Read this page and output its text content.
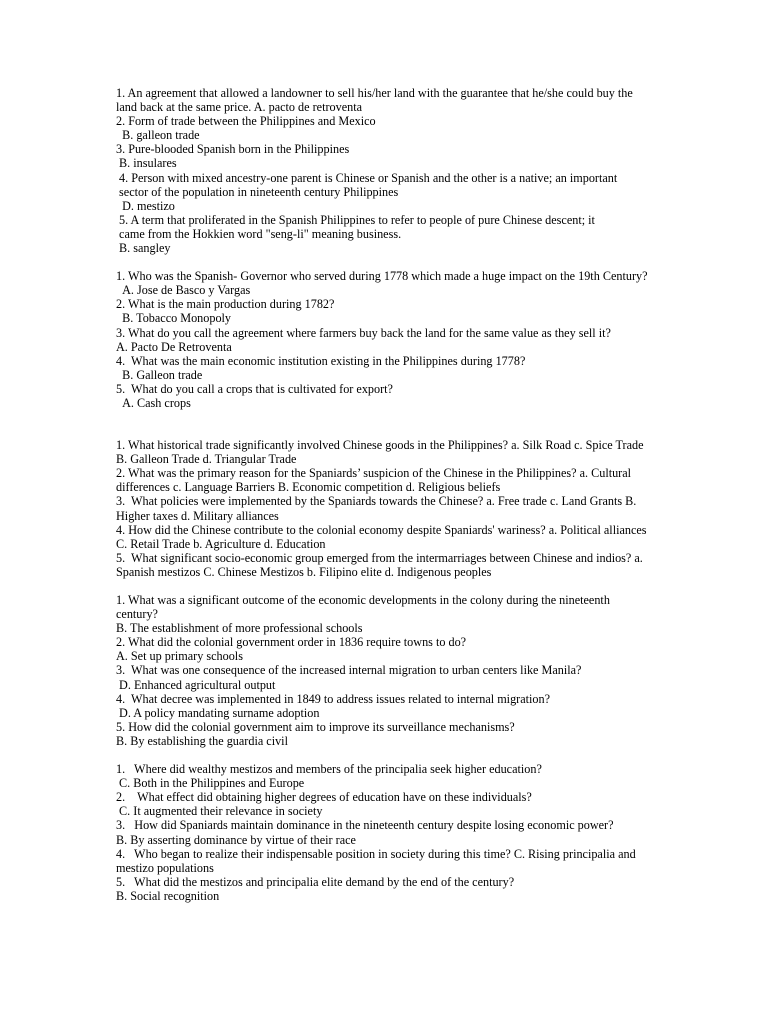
1. An agreement that allowed a landowner to sell his/her land with the guarantee that he/she could buy the land back at the same price. A. pacto de retroventa
2. Form of trade between the Philippines and Mexico
B. galleon trade
3. Pure-blooded Spanish born in the Philippines
B. insulares
4. Person with mixed ancestry-one parent is Chinese or Spanish and the other is a native; an important
sector of the population in nineteenth century Philippines
D. mestizo
5. A term that proliferated in the Spanish Philippines to refer to people of pure Chinese descent; it
came from the Hokkien word "seng-li" meaning business.
B. sangley
1. Who was the Spanish- Governor who served during 1778 which made a huge impact on the 19th Century?
A. Jose de Basco y Vargas
2. What is the main production during 1782?
B. Tobacco Monopoly
3. What do you call the agreement where farmers buy back the land for the same value as they sell it?
A. Pacto De Retroventa
4.  What was the main economic institution existing in the Philippines during 1778?
B. Galleon trade
5.  What do you call a crops that is cultivated for export?
A. Cash crops
1. What historical trade significantly involved Chinese goods in the Philippines? a. Silk Road c. Spice Trade B. Galleon Trade d. Triangular Trade
2. What was the primary reason for the Spaniards’ suspicion of the Chinese in the Philippines? a. Cultural differences c. Language Barriers B. Economic competition d. Religious beliefs
3.  What policies were implemented by the Spaniards towards the Chinese? a. Free trade c. Land Grants B. Higher taxes d. Military alliances
4. How did the Chinese contribute to the colonial economy despite Spaniards' wariness? a. Political alliances C. Retail Trade b. Agriculture d. Education
5.  What significant socio-economic group emerged from the intermarriages between Chinese and indios? a. Spanish mestizos C. Chinese Mestizos b. Filipino elite d. Indigenous peoples
1. What was a significant outcome of the economic developments in the colony during the nineteenth century?
B. The establishment of more professional schools
2. What did the colonial government order in 1836 require towns to do?
A. Set up primary schools
3.  What was one consequence of the increased internal migration to urban centers like Manila?
D. Enhanced agricultural output
4.  What decree was implemented in 1849 to address issues related to internal migration?
D. A policy mandating surname adoption
5. How did the colonial government aim to improve its surveillance mechanisms?
B. By establishing the guardia civil
1.   Where did wealthy mestizos and members of the principalia seek higher education?
C. Both in the Philippines and Europe
2.    What effect did obtaining higher degrees of education have on these individuals?
C. It augmented their relevance in society
3.   How did Spaniards maintain dominance in the nineteenth century despite losing economic power?
B. By asserting dominance by virtue of their race
4.   Who began to realize their indispensable position in society during this time? C. Rising principalia and mestizo populations
5.   What did the mestizos and principalia elite demand by the end of the century?
B. Social recognition
